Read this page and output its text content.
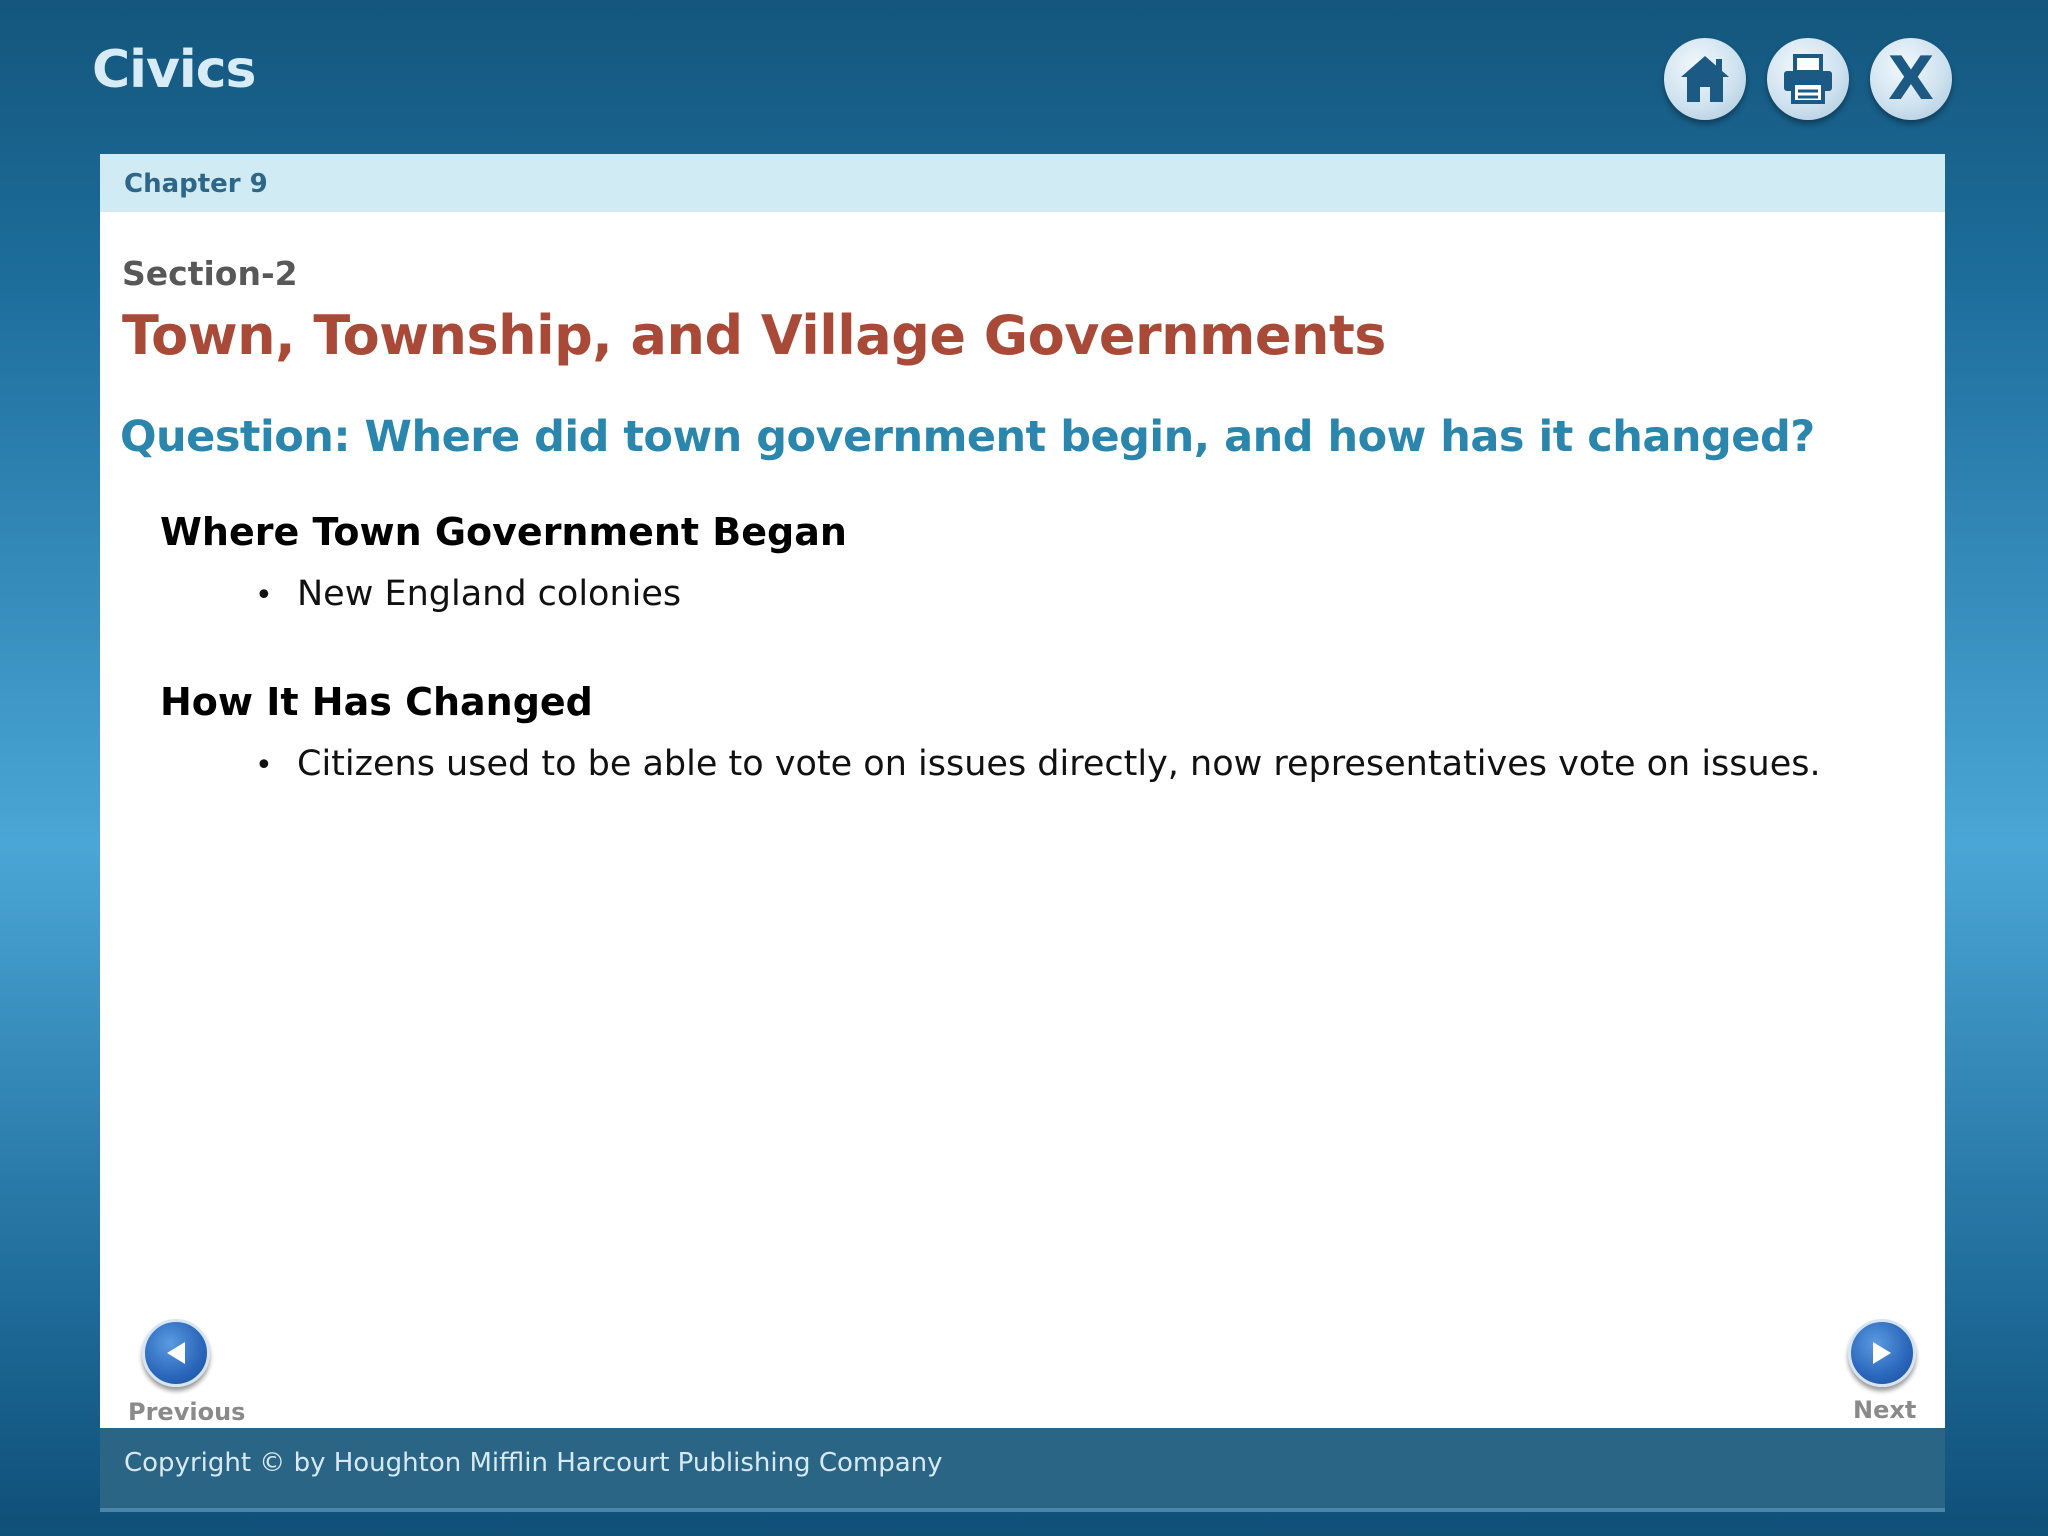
Civics	X
Chapter 9
Section-2
Town, Township, and Village Governments
Question: Where did town government begin, and how has it changed?
Where Town Government Began
• New England colonies
How It Has Changed
• Citizens used to be able to vote on issues directly, now representatives vote on issues.
Previous	Next
Copyright © by Houghton Mifflin Harcourt Publishing Company
